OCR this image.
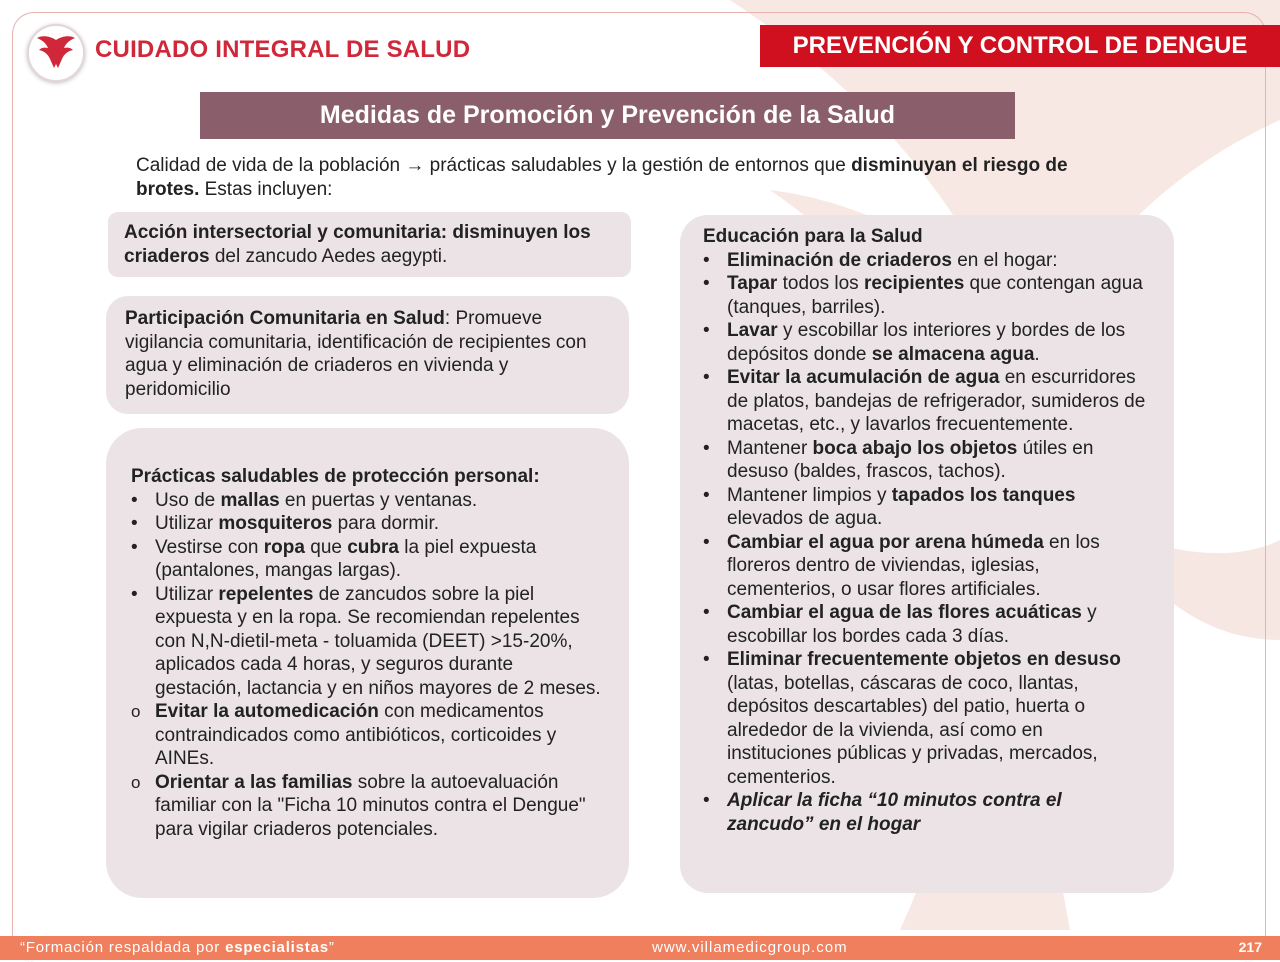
CUIDADO INTEGRAL DE SALUD	PREVENCIÓN Y CONTROL DE DENGUE
Medidas de Promoción y Prevención de la Salud
Calidad de vida de la población → prácticas saludables y la gestión de entornos que disminuyan el riesgo de brotes. Estas incluyen:
Acción intersectorial y comunitaria: disminuyen los criaderos del zancudo Aedes aegypti.
Participación Comunitaria en Salud: Promueve vigilancia comunitaria, identificación de recipientes con agua y eliminación de criaderos en vivienda y peridomicilio
Prácticas saludables de protección personal:
• Uso de mallas en puertas y ventanas.
• Utilizar mosquiteros para dormir.
• Vestirse con ropa que cubra la piel expuesta (pantalones, mangas largas).
• Utilizar repelentes de zancudos sobre la piel expuesta y en la ropa. Se recomiendan repelentes con N,N-dietil-meta - toluamida (DEET) >15-20%, aplicados cada 4 horas, y seguros durante gestación, lactancia y en niños mayores de 2 meses.
o Evitar la automedicación con medicamentos contraindicados como antibióticos, corticoides y AINEs.
o Orientar a las familias sobre la autoevaluación familiar con la "Ficha 10 minutos contra el Dengue" para vigilar criaderos potenciales.
Educación para la Salud
• Eliminación de criaderos en el hogar:
• Tapar todos los recipientes que contengan agua (tanques, barriles).
• Lavar y escobillar los interiores y bordes de los depósitos donde se almacena agua.
• Evitar la acumulación de agua en escurridores de platos, bandejas de refrigerador, sumideros de macetas, etc., y lavarlos frecuentemente.
• Mantener boca abajo los objetos útiles en desuso (baldes, frascos, tachos).
• Mantener limpios y tapados los tanques elevados de agua.
• Cambiar el agua por arena húmeda en los floreros dentro de viviendas, iglesias, cementerios, o usar flores artificiales.
• Cambiar el agua de las flores acuáticas y escobillar los bordes cada 3 días.
• Eliminar frecuentemente objetos en desuso (latas, botellas, cáscaras de coco, llantas, depósitos descartables) del patio, huerta o alrededor de la vivienda, así como en instituciones públicas y privadas, mercados, cementerios.
• Aplicar la ficha “10 minutos contra el zancudo” en el hogar
“Formación respaldada por especialistas”	www.villamedicgroup.com	217
